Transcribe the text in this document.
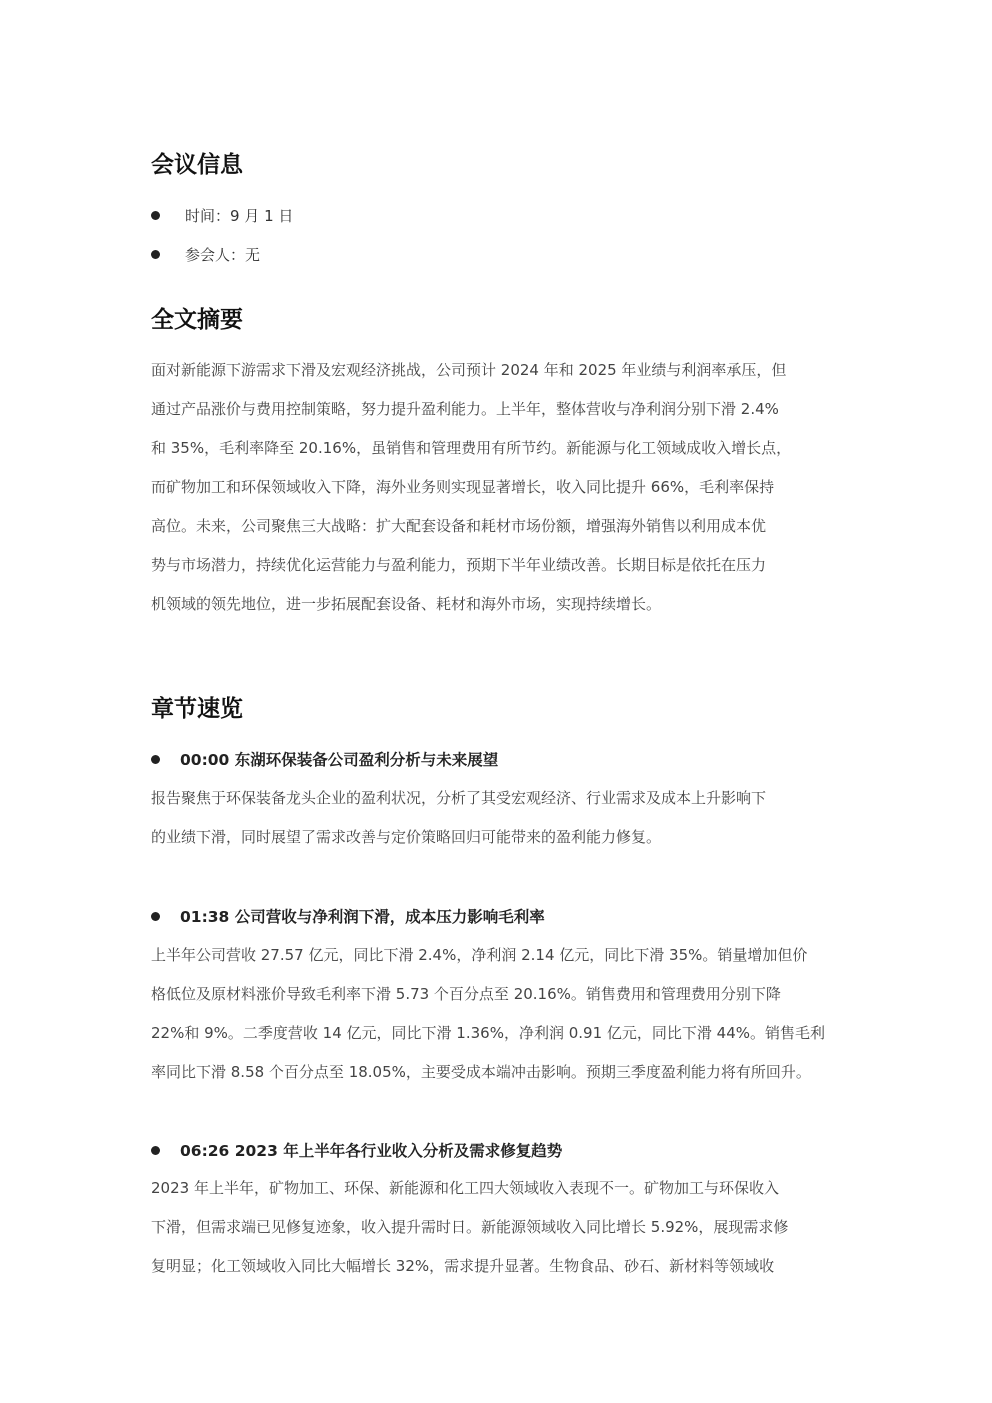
会议信息
时间： 9 月 1 日
参会人： 无
全文摘要

面对新能源下游需求下滑及宏观经济挑战，公司预计 2024 年和 2025 年业绩与利润率承压，但
通过产品涨价与费用控制策略，努力提升盈利能力。上半年，整体营收与净利润分别下滑 2.4%
和 35%，毛利率降至 20.16%，虽销售和管理费用有所节约。新能源与化工领域成收入增长点，
而矿物加工和环保领域收入下降，海外业务则实现显著增长，收入同比提升 66%，毛利率保持
高位。未来，公司聚焦三大战略：扩大配套设备和耗材市场份额，增强海外销售以利用成本优
势与市场潜力，持续优化运营能力与盈利能力，预期下半年业绩改善。长期目标是依托在压力
机领域的领先地位，进一步拓展配套设备、耗材和海外市场，实现持续增长。

章节速览
00:00 东湖环保装备公司盈利分析与未来展望

报告聚焦于环保装备龙头企业的盈利状况，分析了其受宏观经济、行业需求及成本上升影响下
的业绩下滑，同时展望了需求改善与定价策略回归可能带来的盈利能力修复。

01:38 公司营收与净利润下滑，成本压力影响毛利率

上半年公司营收 27.57 亿元，同比下滑 2.4%，净利润 2.14 亿元，同比下滑 35%。销量增加但价
格低位及原材料涨价导致毛利率下滑 5.73 个百分点至 20.16%。销售费用和管理费用分别下降
22%和 9%。二季度营收 14 亿元，同比下滑 1.36%，净利润 0.91 亿元，同比下滑 44%。销售毛利
率同比下滑 8.58 个百分点至 18.05%，主要受成本端冲击影响。预期三季度盈利能力将有所回升。

06:26 2023 年上半年各行业收入分析及需求修复趋势

2023 年上半年，矿物加工、环保、新能源和化工四大领域收入表现不一。矿物加工与环保收入
下滑，但需求端已见修复迹象，收入提升需时日。新能源领域收入同比增长 5.92%，展现需求修
复明显；化工领域收入同比大幅增长 32%，需求提升显著。生物食品、砂石、新材料等领域收
